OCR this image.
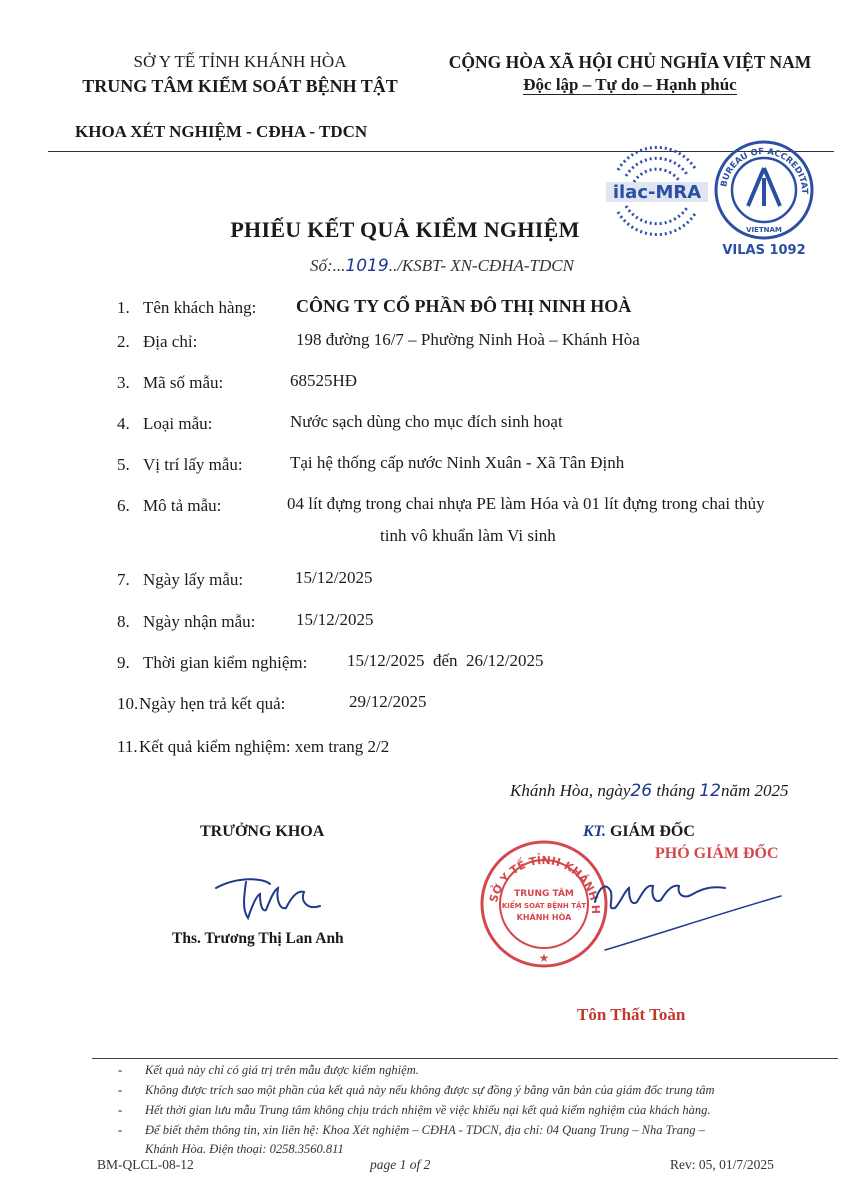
SỞ Y TẾ TỈNH KHÁNH HÒA
TRUNG TÂM KIỂM SOÁT BỆNH TẬT
KHOA XÉT NGHIỆM - CĐHA - TDCN
CỘNG HÒA XÃ HỘI CHỦ NGHĨA VIỆT NAM
Độc lập – Tự do – Hạnh phúc
ilac-MRA	BUREAU OF ACCREDITAT
VIETNAM
VILAS 1092
PHIẾU KẾT QUẢ KIỂM NGHIỆM
Số:...1019../KSBT- XN-CĐHA-TDCN
1. Tên khách hàng: CÔNG TY CỔ PHẦN ĐÔ THỊ NINH HOÀ
2. Địa chỉ:	198 đường 16/7 – Phường Ninh Hoà – Khánh Hòa
3. Mã số mẫu:	68525HĐ
4. Loại mẫu:	Nước sạch dùng cho mục đích sinh hoạt
5. Vị trí lấy mẫu:	Tại hệ thống cấp nước Ninh Xuân - Xã Tân Định
6. Mô tả mẫu:	04 lít đựng trong chai nhựa PE làm Hóa và 01 lít đựng trong chai thủy
tinh vô khuẩn làm Vi sinh
7. Ngày lấy mẫu:	15/12/2025
8. Ngày nhận mẫu: 15/12/2025
9. Thời gian kiểm nghiệm: 15/12/2025  đến  26/12/2025
10. Ngày hẹn trả kết quả:	29/12/2025
11. Kết quả kiểm nghiệm: xem trang 2/2
Khánh Hòa, ngày26 tháng 12năm 2025
TRƯỞNG KHOA	KT. GIÁM ĐỐC
PHÓ GIÁM ĐỐC
Ths. Trương Thị Lan Anh
SỞ Y TẾ TỈNH KHÁNH H
TRUNG TÂM
KIỂM SOÁT BỆNH TẬT
KHÁNH HÒA
★
Tôn Thất Toàn
- Kết quả này chỉ có giá trị trên mẫu được kiểm nghiệm.
- Không được trích sao một phần của kết quả này nếu không được sự đồng ý bằng văn bản của giám đốc trung tâm
- Hết thời gian lưu mẫu Trung tâm không chịu trách nhiệm về việc khiếu nại kết quả kiểm nghiệm của khách hàng.
- Để biết thêm thông tin, xin liên hệ: Khoa Xét nghiệm – CĐHA - TDCN, địa chỉ: 04 Quang Trung – Nha Trang –
Khánh Hòa. Điện thoại: 0258.3560.811
BM-QLCL-08-12	page 1 of 2	Rev: 05, 01/7/2025
